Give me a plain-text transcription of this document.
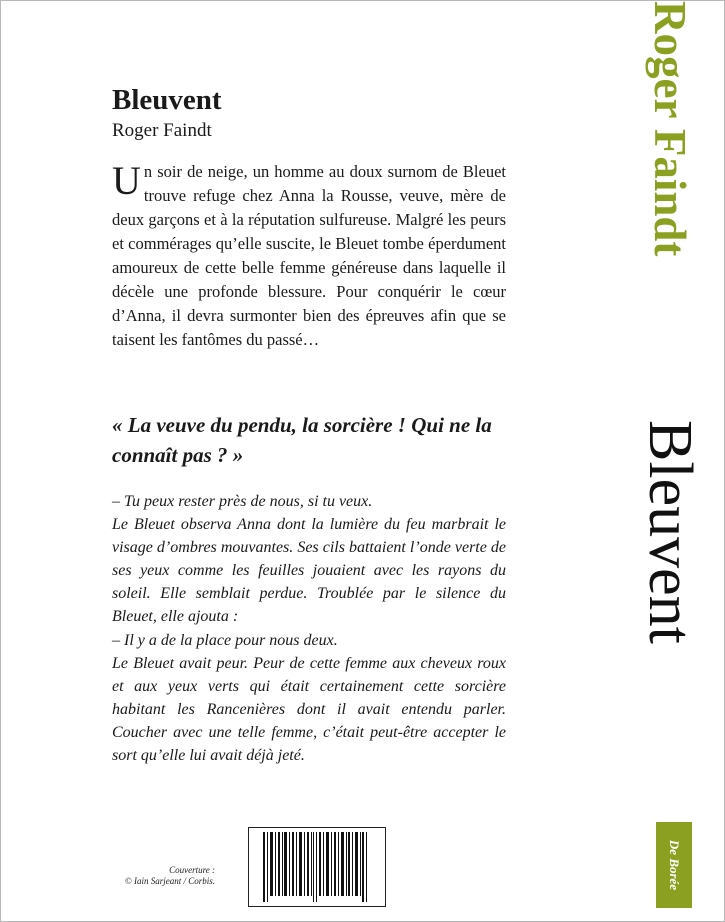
Bleuvent
Roger Faindt

Un soir de neige, un homme au doux surnom de Bleuet trouve refuge chez Anna la Rousse, veuve, mère de deux garçons et à la réputation sulfureuse. Malgré les peurs et commérages qu’elle suscite, le Bleuet tombe éperdument amoureux de cette belle femme généreuse dans laquelle il décèle une profonde blessure. Pour conquérir le cœur d’Anna, il devra surmonter bien des épreuves afin que se taisent les fantômes du passé…

« La veuve du pendu, la sorcière ! Qui ne la connaît pas ? »

– Tu peux rester près de nous, si tu veux.

Le Bleuet observa Anna dont la lumière du feu marbrait le visage d’ombres mouvantes. Ses cils battaient l’onde verte de ses yeux comme les feuilles jouaient avec les rayons du soleil. Elle semblait perdue. Troublée par le silence du Bleuet, elle ajouta :

– Il y a de la place pour nous deux.

Le Bleuet avait peur. Peur de cette femme aux cheveux roux et aux yeux verts qui était certainement cette sorcière habitant les Rancenières dont il avait entendu parler. Coucher avec une telle femme, c’était peut-être accepter le sort qu’elle lui avait déjà jeté.

Couverture :
© Iain Sarjeant / Corbis.
Roger Faindt
Bleuvent
De Borée
